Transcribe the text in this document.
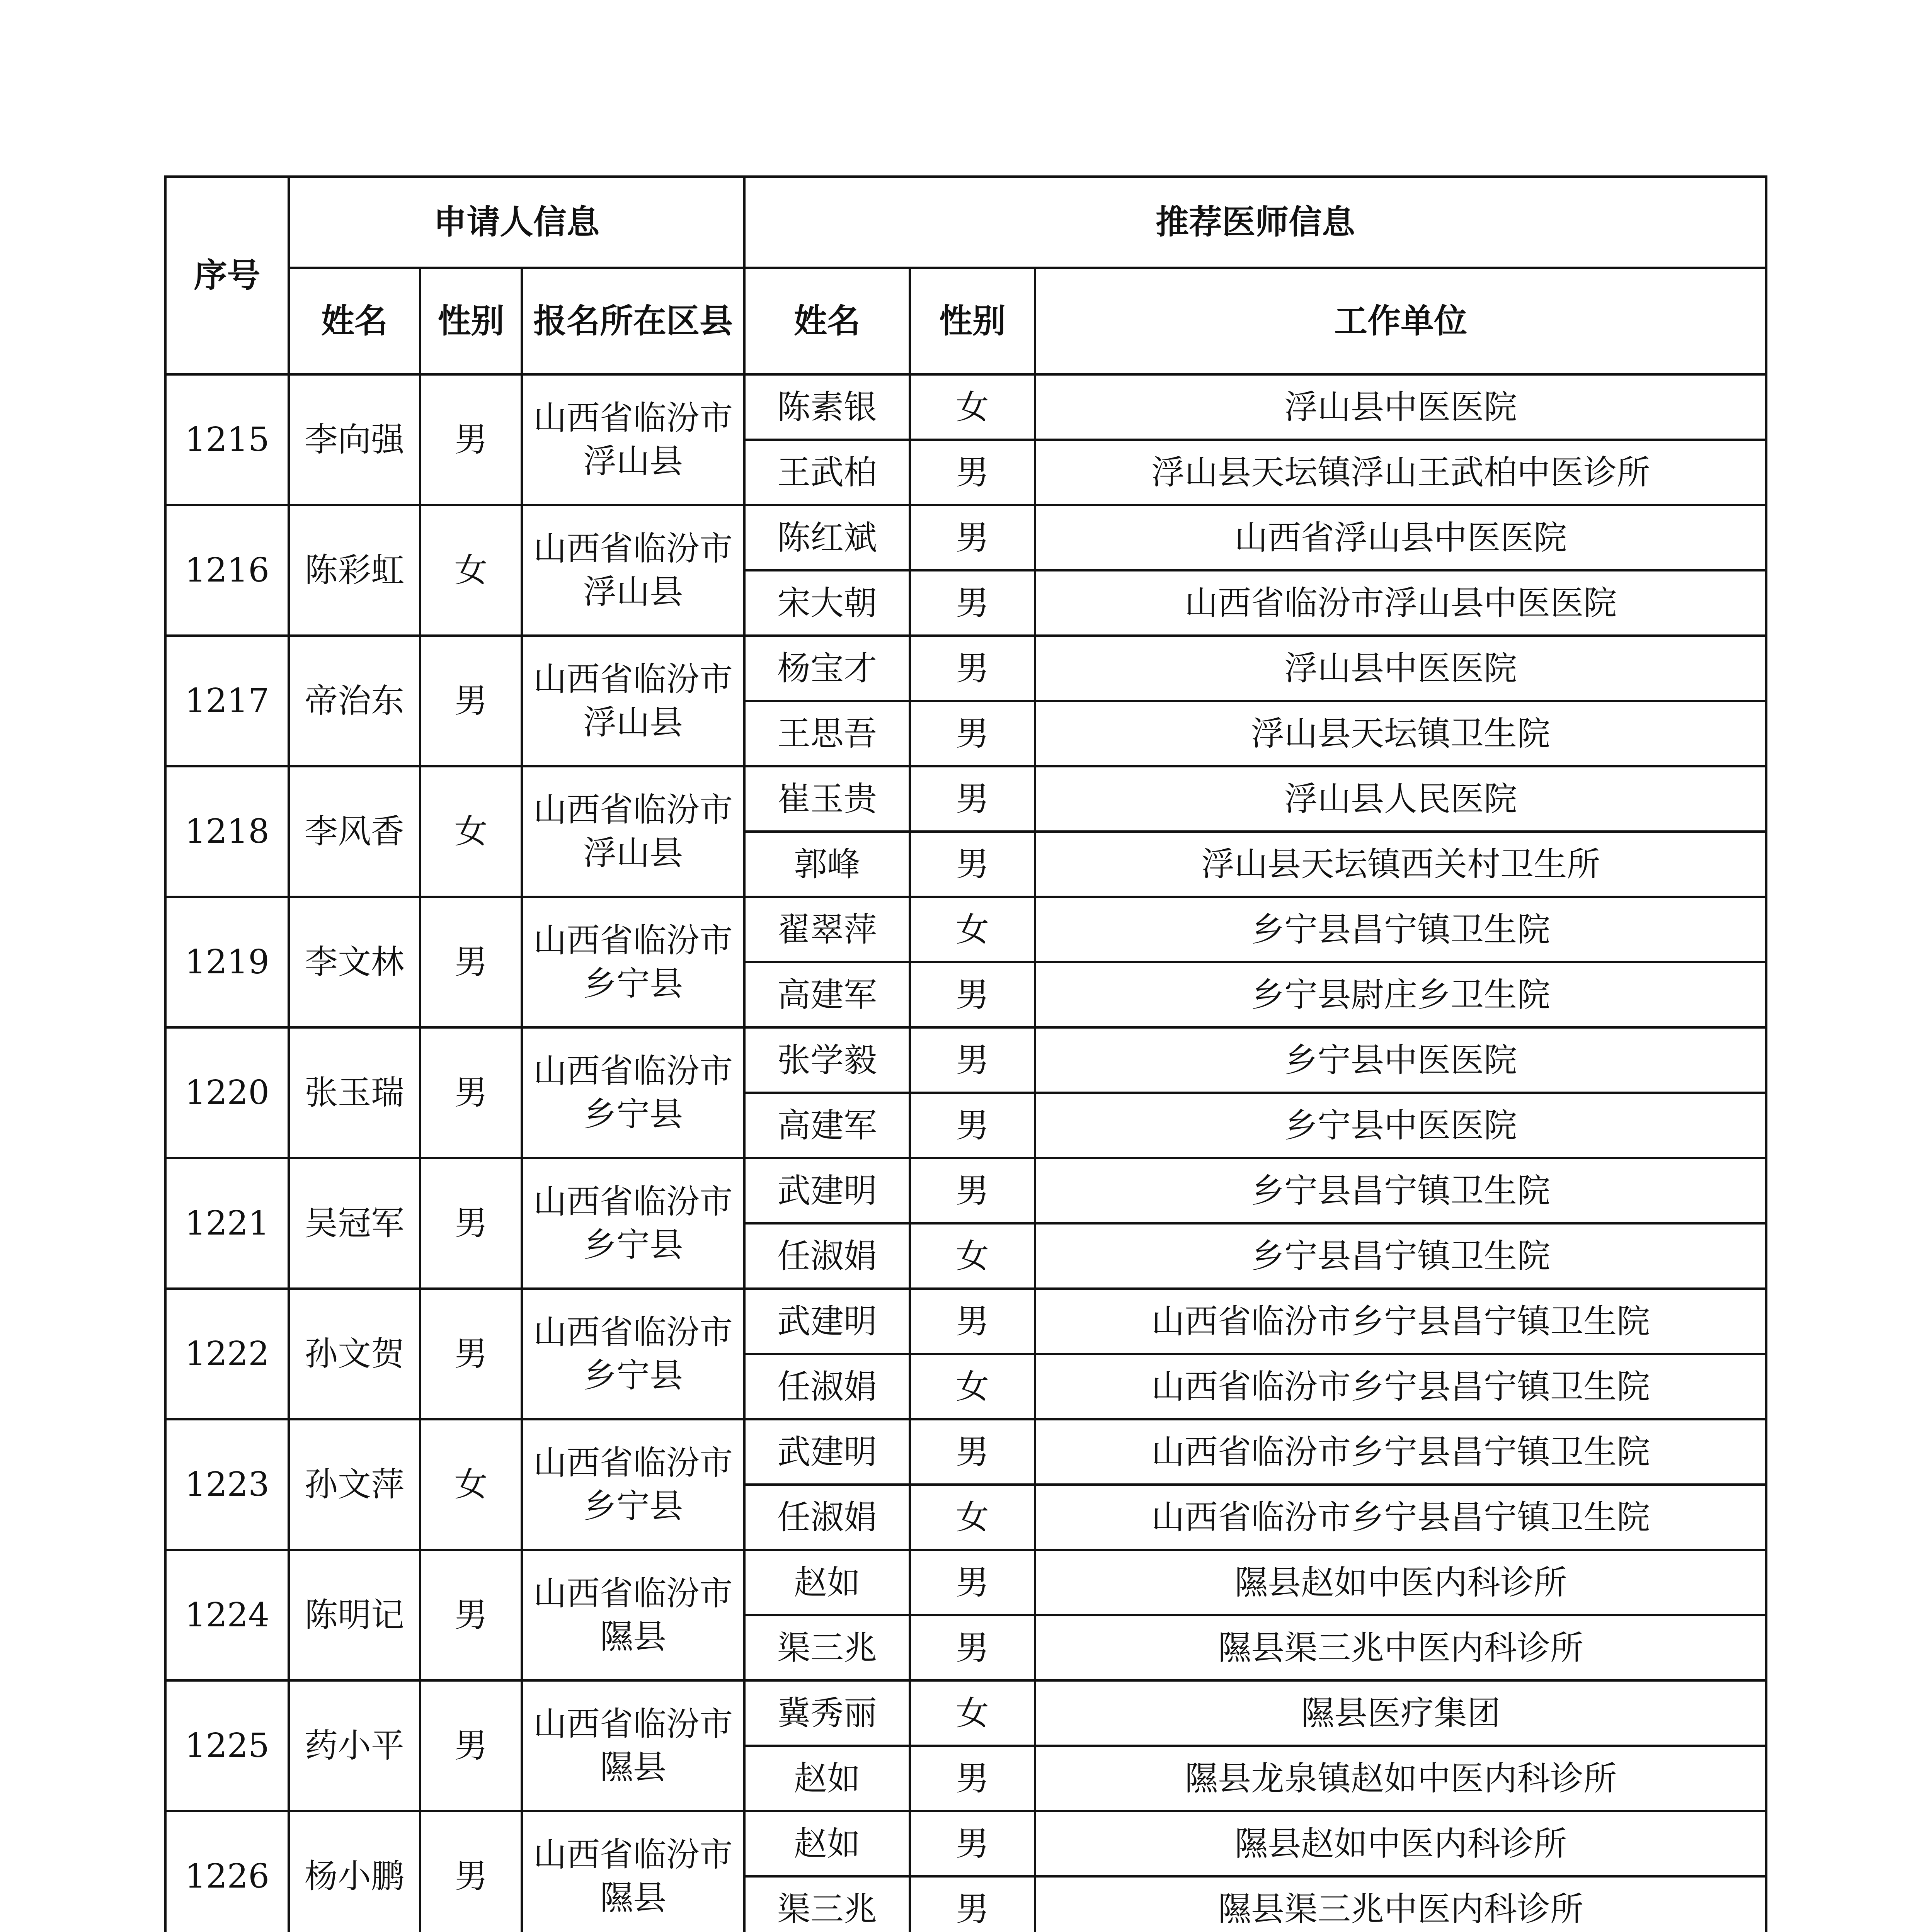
序号	申请人信息			推荐医师信息		
	姓名	性别	报名所在区县	姓名	性别	工作单位
1215	李向强	男	山西省临汾市浮山县	陈素银	女	浮山县中医医院
				王武柏	男	浮山县天坛镇浮山王武柏中医诊所
1216	陈彩虹	女	山西省临汾市浮山县	陈红斌	男	山西省浮山县中医医院
				宋大朝	男	山西省临汾市浮山县中医医院
1217	帝治东	男	山西省临汾市浮山县	杨宝才	男	浮山县中医医院
				王思吾	男	浮山县天坛镇卫生院
1218	李风香	女	山西省临汾市浮山县	崔玉贵	男	浮山县人民医院
				郭峰	男	浮山县天坛镇西关村卫生所
1219	李文林	男	山西省临汾市乡宁县	翟翠萍	女	乡宁县昌宁镇卫生院
				高建军	男	乡宁县尉庄乡卫生院
1220	张玉瑞	男	山西省临汾市乡宁县	张学毅	男	乡宁县中医医院
				高建军	男	乡宁县中医医院
1221	吴冠军	男	山西省临汾市乡宁县	武建明	男	乡宁县昌宁镇卫生院
				任淑娟	女	乡宁县昌宁镇卫生院
1222	孙文贺	男	山西省临汾市乡宁县	武建明	男	山西省临汾市乡宁县昌宁镇卫生院
				任淑娟	女	山西省临汾市乡宁县昌宁镇卫生院
1223	孙文萍	女	山西省临汾市乡宁县	武建明	男	山西省临汾市乡宁县昌宁镇卫生院
				任淑娟	女	山西省临汾市乡宁县昌宁镇卫生院
1224	陈明记	男	山西省临汾市隰县	赵如	男	隰县赵如中医内科诊所
				渠三兆	男	隰县渠三兆中医内科诊所
1225	药小平	男	山西省临汾市隰县	冀秀丽	女	隰县医疗集团
				赵如	男	隰县龙泉镇赵如中医内科诊所
1226	杨小鹏	男	山西省临汾市隰县	赵如	男	隰县赵如中医内科诊所
				渠三兆	男	隰县渠三兆中医内科诊所
